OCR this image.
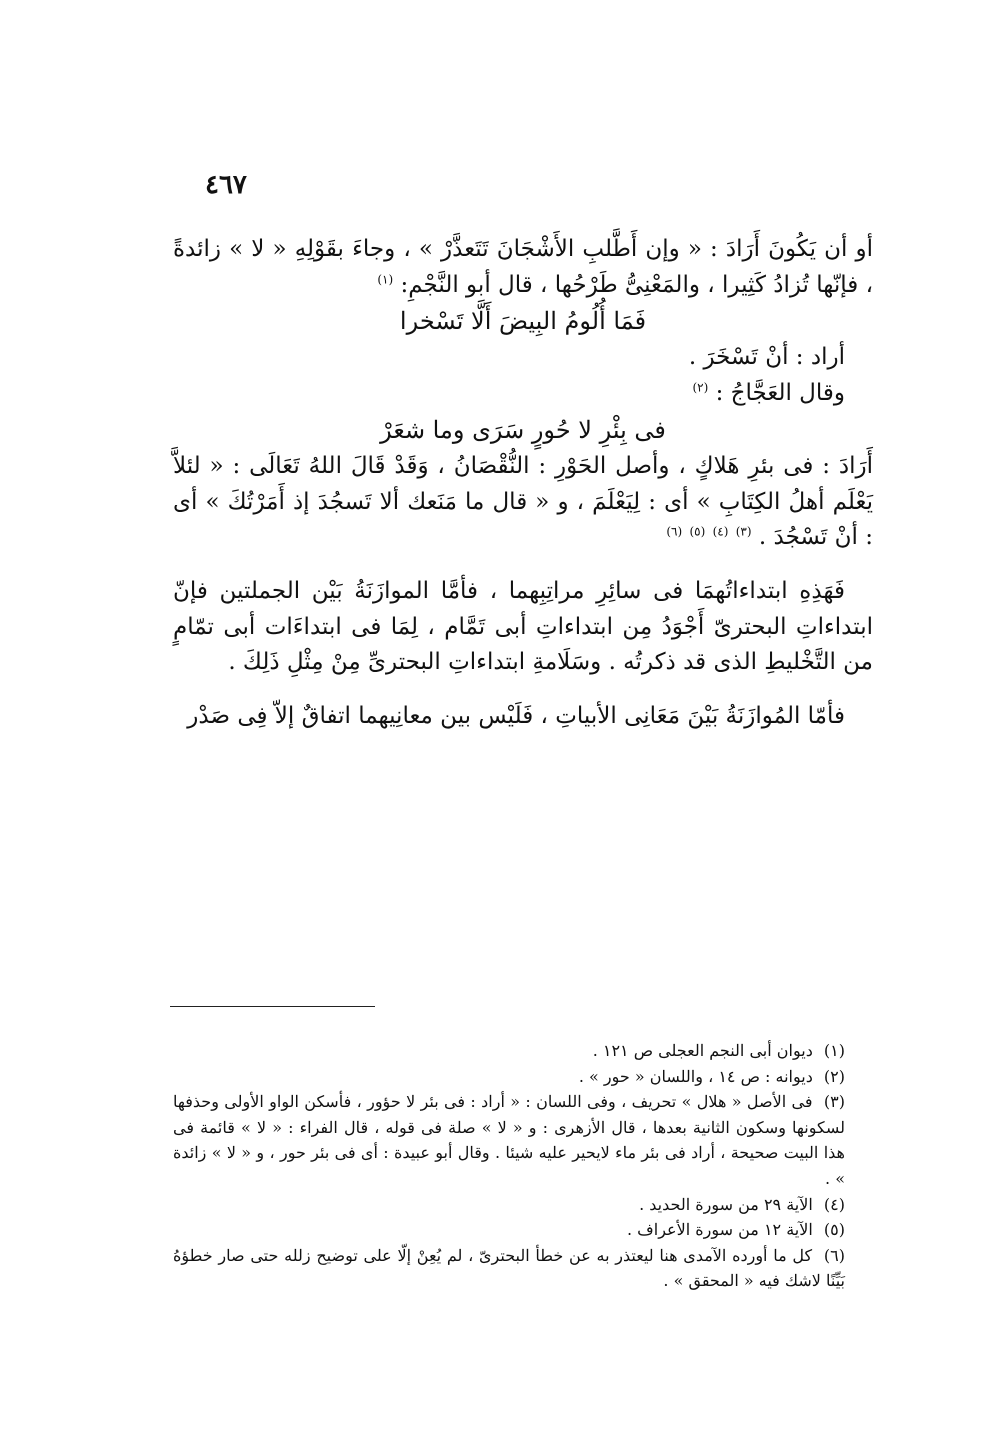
٤٦٧

أو أن يَكُونَ أَرَادَ : « وإن أَطَّلبِ الأَشْجَانَ تَتَعذَّرْ » ، وجاءَ بقَوْلِهِ « لا » زائدةً ، فإنّها تُزادُ كَثِيرا ، والمَعْنِىُّ طَرْحُها ، قال أبو النَّجْمِ: $^{(١)}$

فَمَا أُلُومُ البِيضَ أَلَّا تَسْخرا

أراد : أنْ تَسْخَرَ .

وقال العَجَّاجُ : $^{(٢)}$

فى بِئْرِ لا حُورٍ سَرَى وما شعَرْ

أَرَادَ : فى بئرِ هَلاكٍ ، وأصل الحَوْرِ : النُّقْصَانُ ، وَقَدْ قَالَ اللهُ تَعَالَى : « لئلاَّ يَعْلَم أهلُ الكِتَابِ » أى : لِيَعْلَمَ ، و « قال ما مَنَعك ألا تَسجُدَ إذ أَمَرْتُكَ » أى : أنْ تَسْجُدَ . $^{(٣)}$ $^{(٤)}$ $^{(٥)}$ $^{(٦)}$

فَهَذِهِ ابتداءاتُهمَا فى سائِرِ مراتِبِهما ، فأمَّا الموازَنَةُ بَيْن الجملتين فإنّ ابتداءاتِ البحترىّ أَجْوَدُ مِن ابتداءاتِ أبى تَمَّام ، لِمَا فى ابتداءَات أبى تمّامٍ من التَّخْليطِ الذى قد ذكرتُه . وسَلَامةِ ابتداءاتِ البحترىِّ مِنْ مِثْلِ ذَلِكَ .

فأمّا المُوازَنَةُ بَيْنَ مَعَانِى الأبياتِ ، فَلَيْس بين معانِيهما اتفاقٌ إلاّ فِى صَدْر

(١) ديوان أبى النجم العجلى ص ١٢١ .

(٢) ديوانه : ص ١٤ ، واللسان « حور » .

(٣) فى الأصل « هلال » تحريف ، وفى اللسان : « أراد : فى بئر لا حؤور ، فأسكن الواو الأولى وحذفها لسكونها وسكون الثانية بعدها ، قال الأزهرى : و « لا » صلة فى قوله ، قال الفراء : « لا » قائمة فى هذا البيت صحيحة ، أراد فى بئر ماء لايحير عليه شيئا . وقال أبو عبيدة : أى فى بئر حور ، و « لا » زائدة » .

(٤) الآية ٢٩ من سورة الحديد .

(٥) الآية ١٢ من سورة الأعراف .

(٦) كل ما أورده الآمدى هنا ليعتذر به عن خطأ البحترىّ ، لم يُعِنْ إلّا على توضيح زلله حتى صار خطؤهُ بَيِّنًا لاشك فيه « المحقق » .
